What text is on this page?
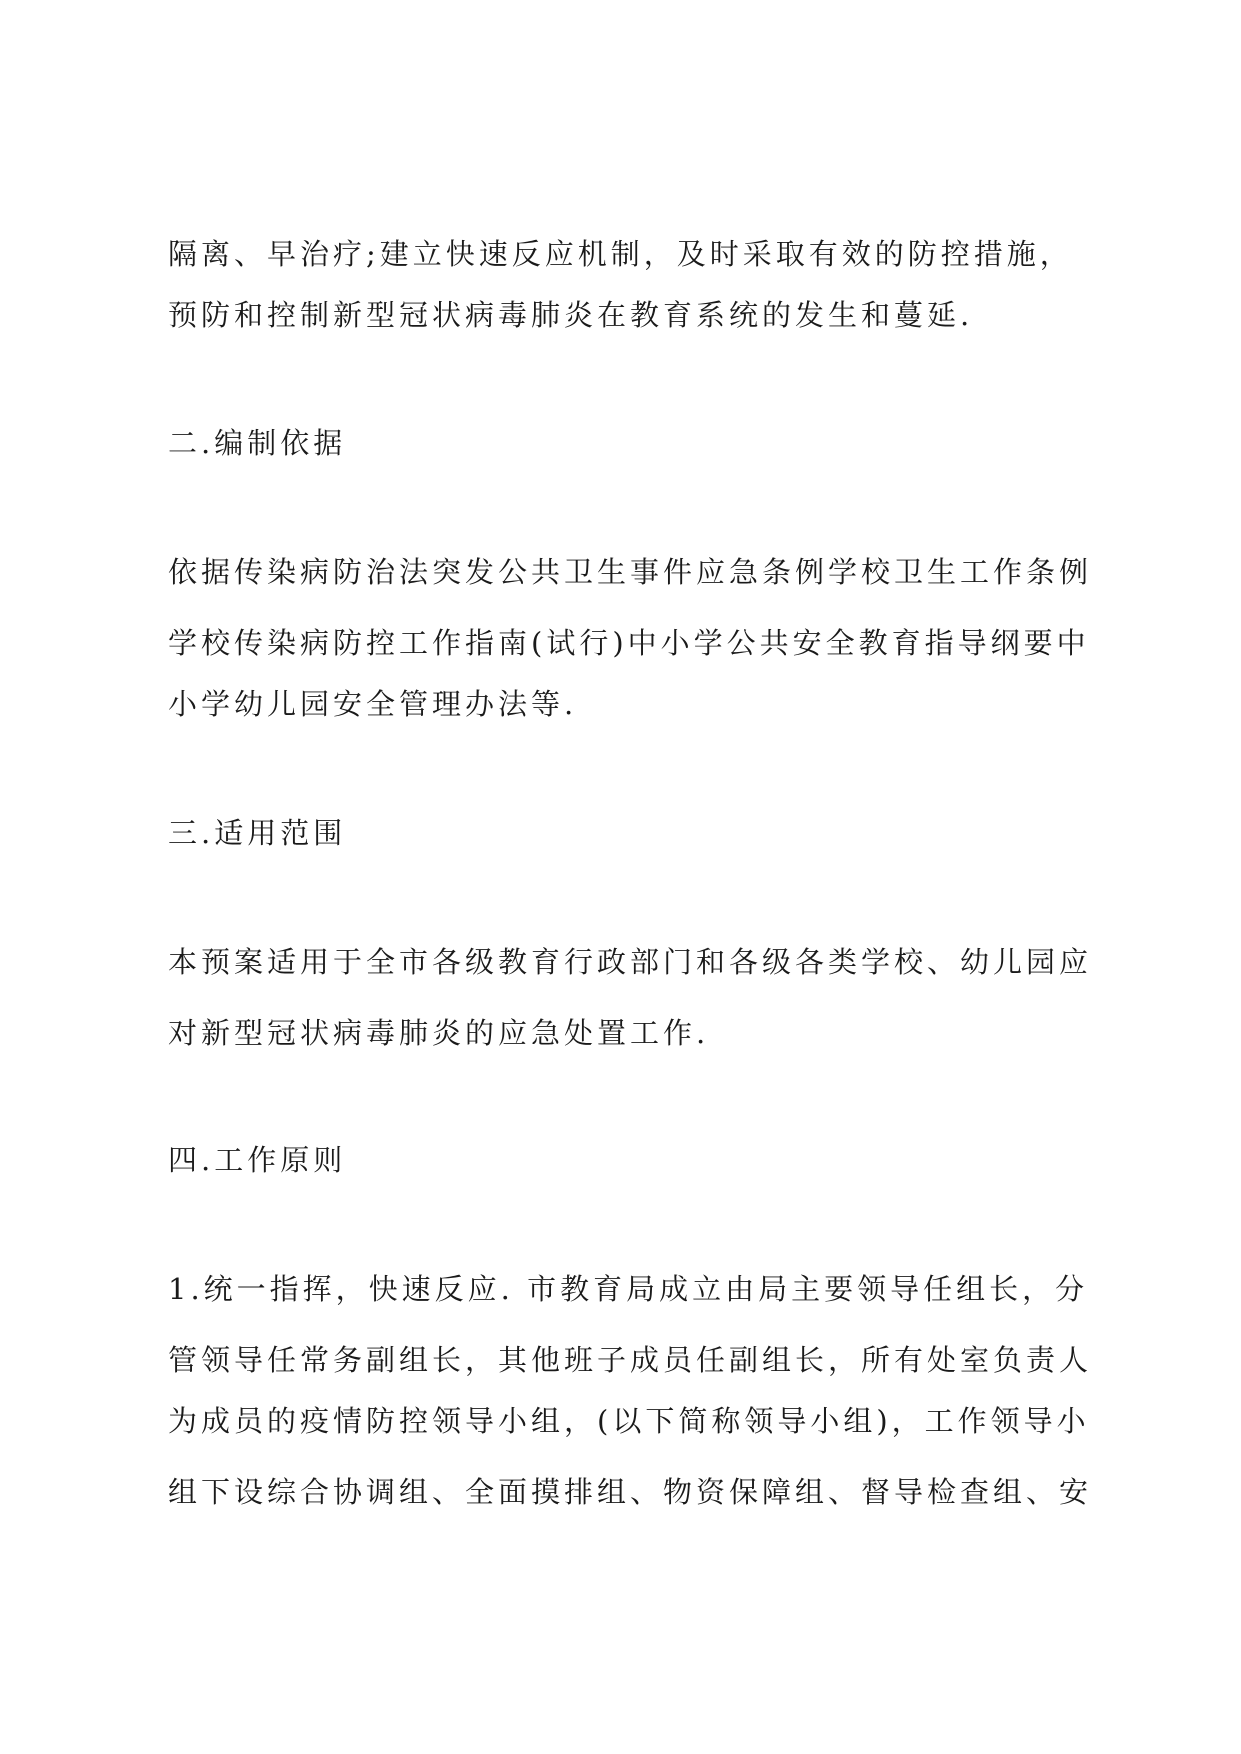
隔离、早治疗;建立快速反应机制，及时采取有效的防控措施，

预防和控制新型冠状病毒肺炎在教育系统的发生和蔓延.

二.编制依据

依据传染病防治法突发公共卫生事件应急条例学校卫生工作条例

学校传染病防控工作指南(试行)中小学公共安全教育指导纲要中

小学幼儿园安全管理办法等.

三.适用范围

本预案适用于全市各级教育行政部门和各级各类学校、幼儿园应

对新型冠状病毒肺炎的应急处置工作.

四.工作原则

1.统一指挥，快速反应. 市教育局成立由局主要领导任组长，分

管领导任常务副组长，其他班子成员任副组长，所有处室负责人

为成员的疫情防控领导小组，(以下简称领导小组)，工作领导小

组下设综合协调组、全面摸排组、物资保障组、督导检查组、安
